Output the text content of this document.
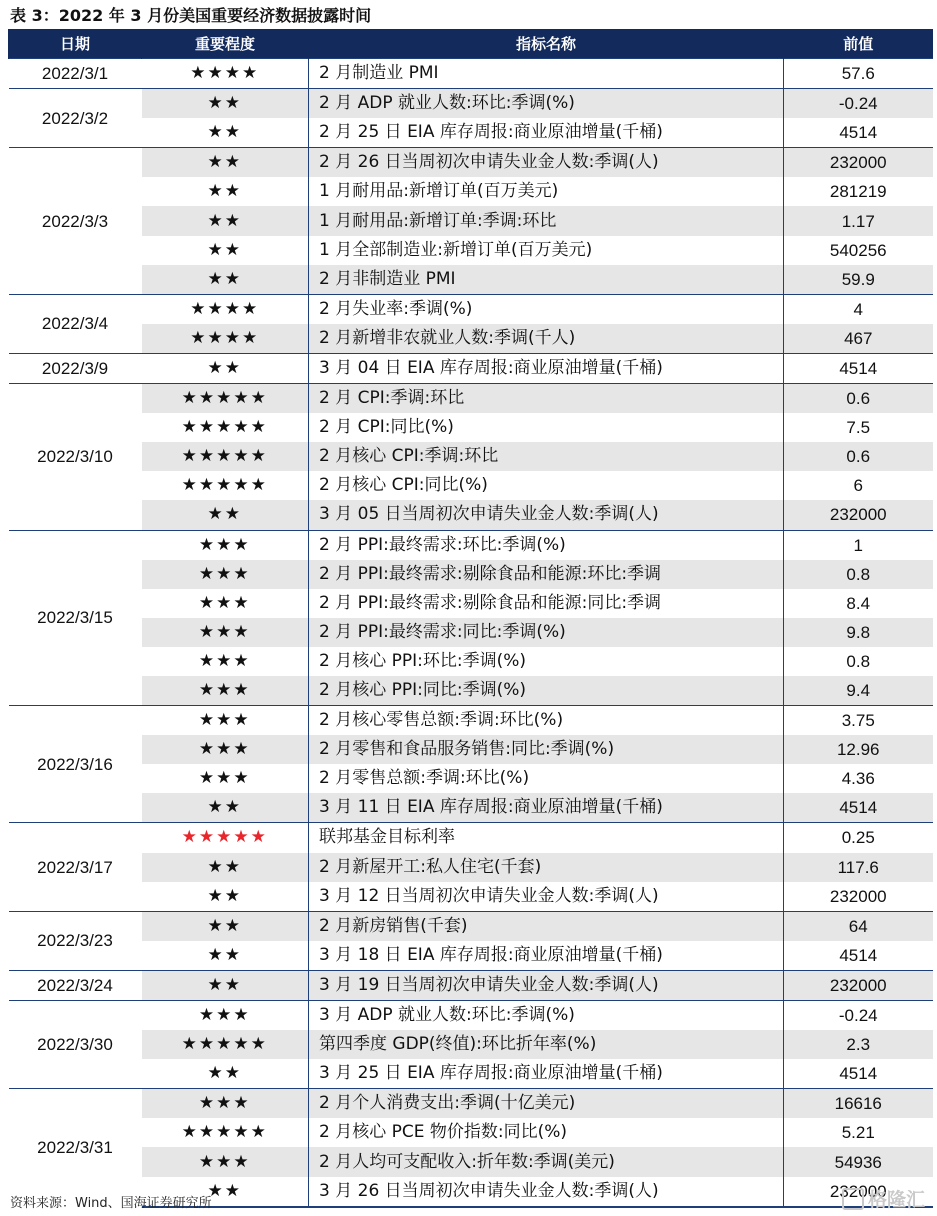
表 3：2022 年 3 月份美国重要经济数据披露时间
日期	重要程度	指标名称	前值
2022/3/1	★★★★	2 月制造业 PMI	57.6
2022/3/2	★★	2 月 ADP 就业人数:环比:季调(%)	-0.24
	★★	2 月 25 日 EIA 库存周报:商业原油增量(千桶)	4514
2022/3/3	★★	2 月 26 日当周初次申请失业金人数:季调(人)	232000
	★★	1 月耐用品:新增订单(百万美元)	281219
	★★	1 月耐用品:新增订单:季调:环比	1.17
	★★	1 月全部制造业:新增订单(百万美元)	540256
	★★	2 月非制造业 PMI	59.9
2022/3/4	★★★★	2 月失业率:季调(%)	4
	★★★★	2 月新增非农就业人数:季调(千人)	467
2022/3/9	★★	3 月 04 日 EIA 库存周报:商业原油增量(千桶)	4514
2022/3/10	★★★★★	2 月 CPI:季调:环比	0.6
	★★★★★	2 月 CPI:同比(%)	7.5
	★★★★★	2 月核心 CPI:季调:环比	0.6
	★★★★★	2 月核心 CPI:同比(%)	6
	★★	3 月 05 日当周初次申请失业金人数:季调(人)	232000
2022/3/15	★★★	2 月 PPI:最终需求:环比:季调(%)	1
	★★★	2 月 PPI:最终需求:剔除食品和能源:环比:季调	0.8
	★★★	2 月 PPI:最终需求:剔除食品和能源:同比:季调	8.4
	★★★	2 月 PPI:最终需求:同比:季调(%)	9.8
	★★★	2 月核心 PPI:环比:季调(%)	0.8
	★★★	2 月核心 PPI:同比:季调(%)	9.4
2022/3/16	★★★	2 月核心零售总额:季调:环比(%)	3.75
	★★★	2 月零售和食品服务销售:同比:季调(%)	12.96
	★★★	2 月零售总额:季调:环比(%)	4.36
	★★	3 月 11 日 EIA 库存周报:商业原油增量(千桶)	4514
2022/3/17	★★★★★	联邦基金目标利率	0.25
	★★	2 月新屋开工:私人住宅(千套)	117.6
	★★	3 月 12 日当周初次申请失业金人数:季调(人)	232000
2022/3/23	★★	2 月新房销售(千套)	64
	★★	3 月 18 日 EIA 库存周报:商业原油增量(千桶)	4514
2022/3/24	★★	3 月 19 日当周初次申请失业金人数:季调(人)	232000
2022/3/30	★★★	3 月 ADP 就业人数:环比:季调(%)	-0.24
	★★★★★	第四季度 GDP(终值):环比折年率(%)	2.3
	★★	3 月 25 日 EIA 库存周报:商业原油增量(千桶)	4514
2022/3/31	★★★	2 月个人消费支出:季调(十亿美元)	16616
	★★★★★	2 月核心 PCE 物价指数:同比(%)	5.21
	★★★	2 月人均可支配收入:折年数:季调(美元)	54936
	★★	3 月 26 日当周初次申请失业金人数:季调(人)	232000
资料来源：Wind、国海证券研究所	格隆汇
